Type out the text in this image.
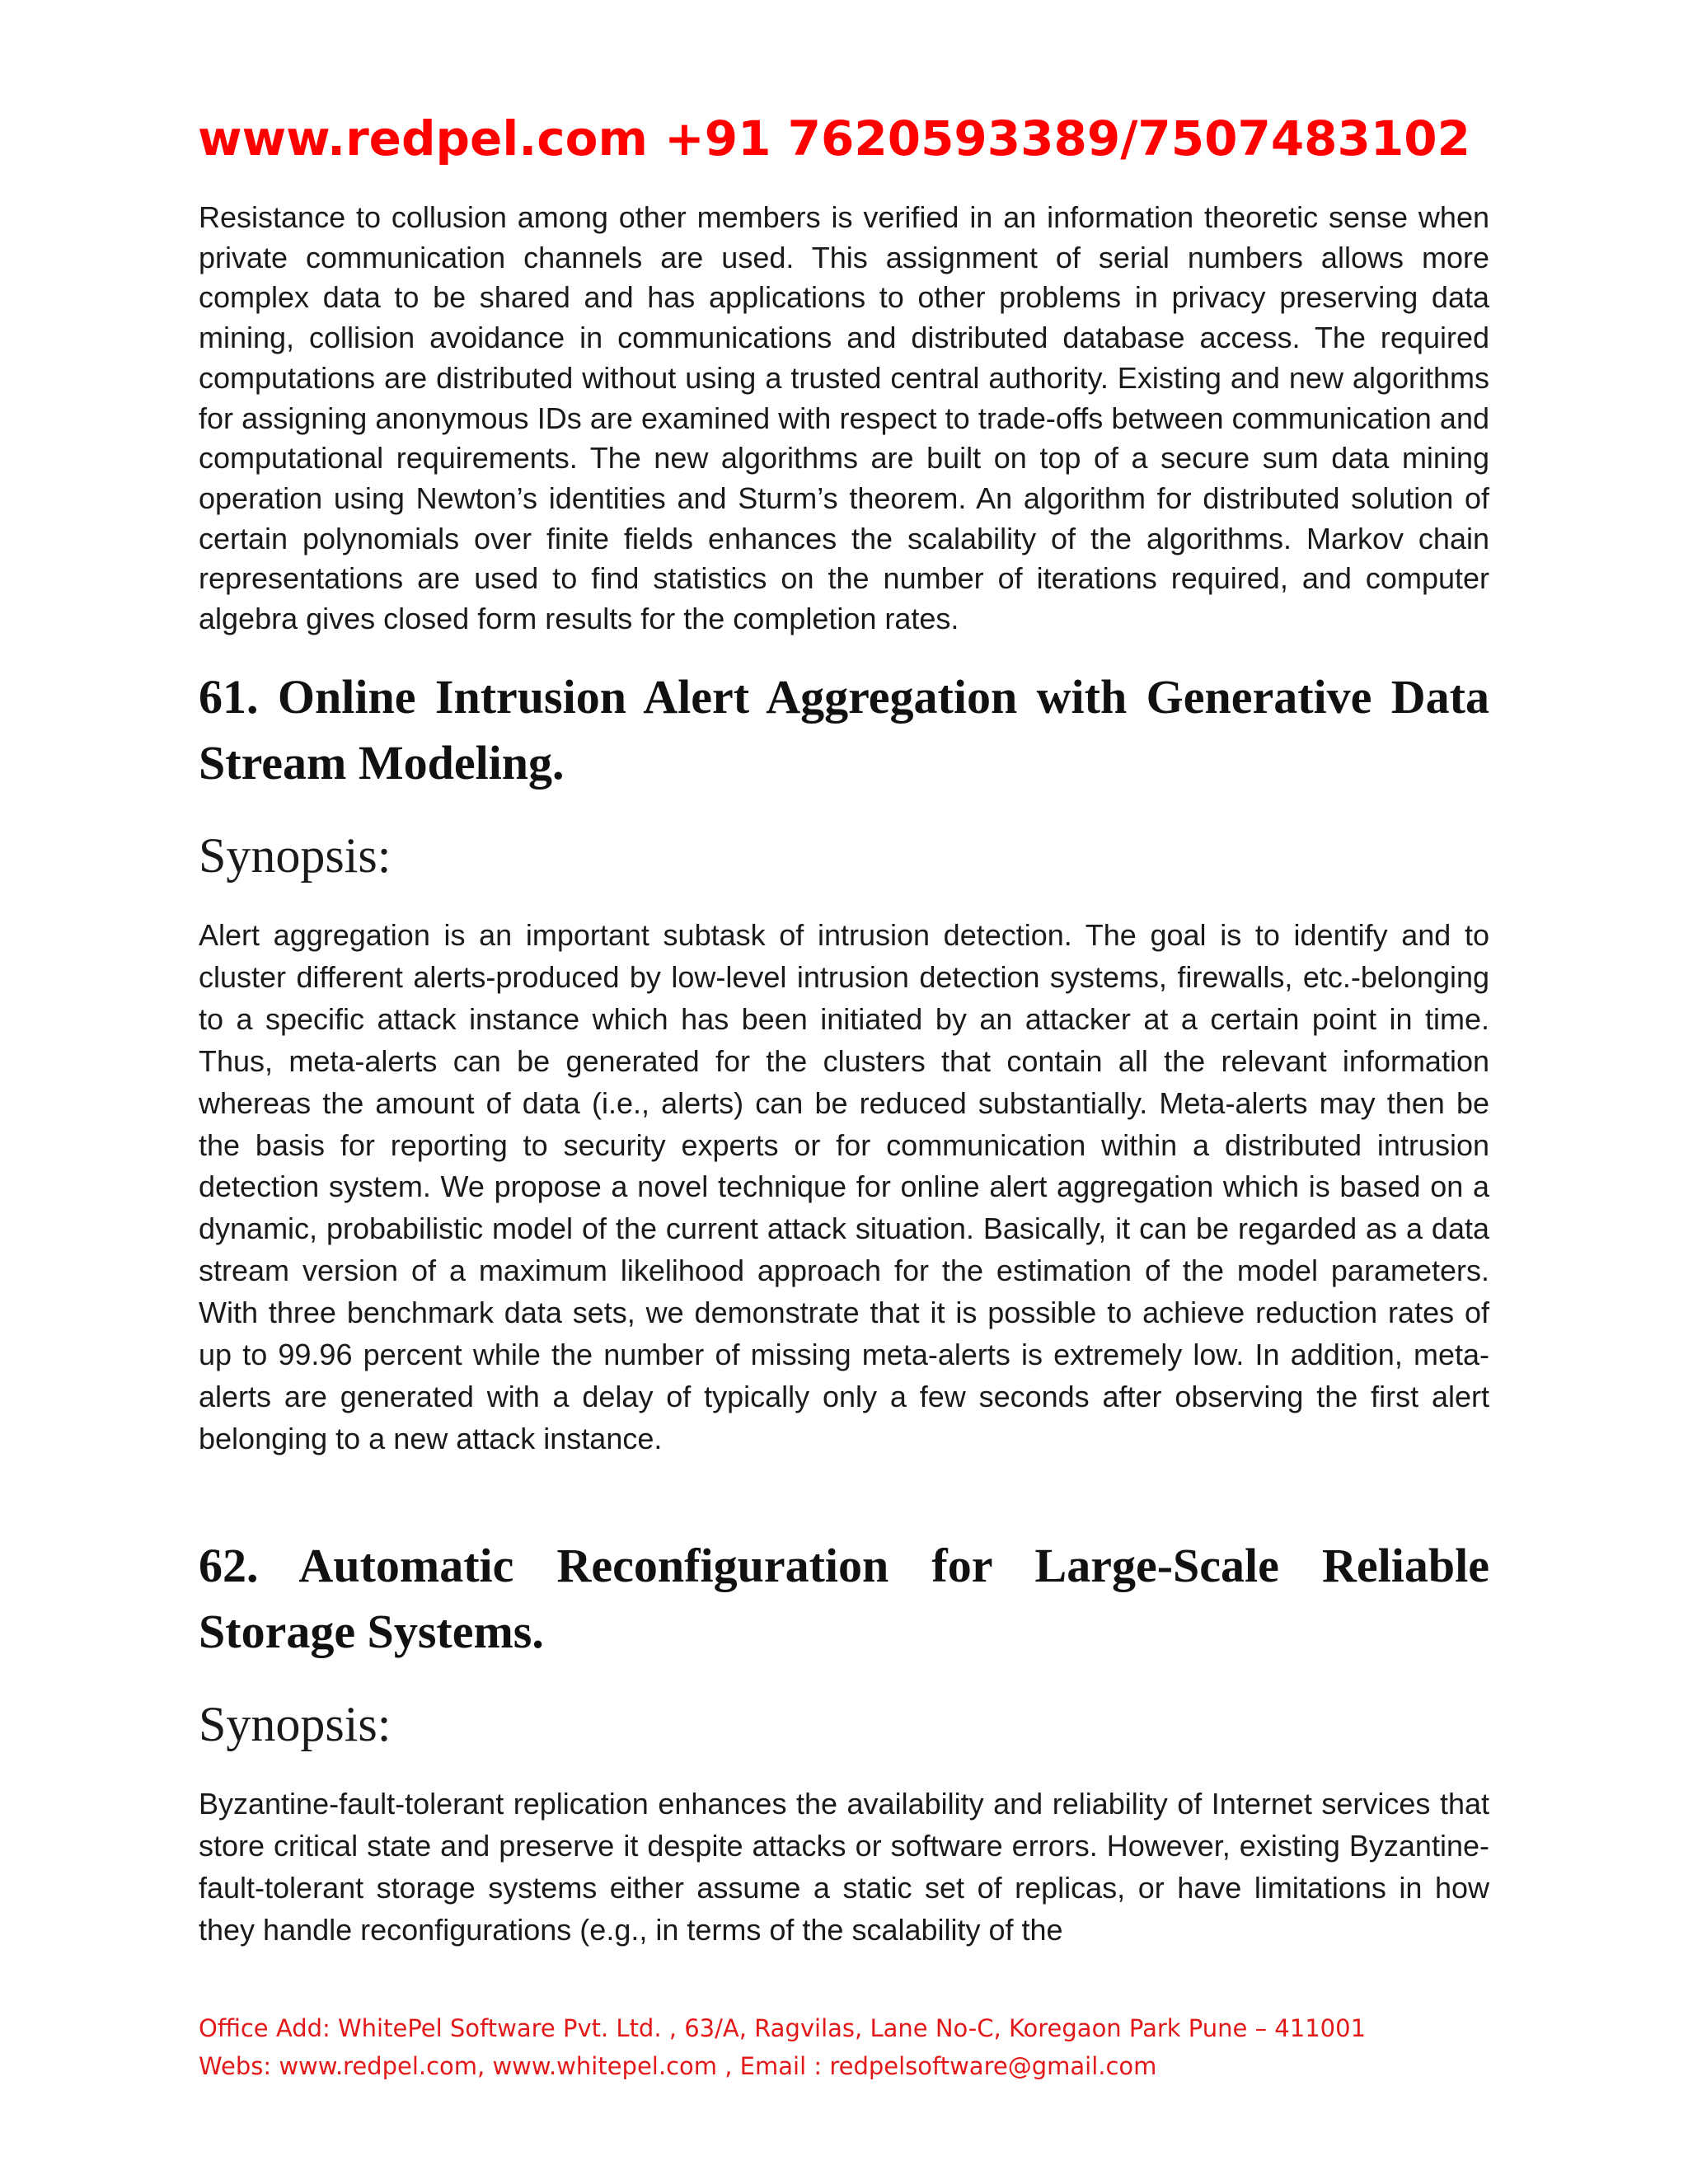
www.redpel.com +91 7620593389/7507483102

Resistance to collusion among other members is verified in an information theoretic sense when private communication channels are used. This assignment of serial numbers allows more complex data to be shared and has applications to other problems in privacy preserving data mining, collision avoidance in communications and distributed database access. The required computations are distributed without using a trusted central authority. Existing and new algorithms for assigning anonymous IDs are examined with respect to trade-offs between communication and computational requirements. The new algorithms are built on top of a secure sum data mining operation using Newton’s identities and Sturm’s theorem. An algorithm for distributed solution of certain polynomials over finite fields enhances the scalability of the algorithms. Markov chain representations are used to find statistics on the number of iterations required, and computer algebra gives closed form results for the completion rates.

61. Online Intrusion Alert Aggregation with Generative Data Stream Modeling.
Synopsis:

Alert aggregation is an important subtask of intrusion detection. The goal is to identify and to cluster different alerts-produced by low-level intrusion detection systems, firewalls, etc.-belonging to a specific attack instance which has been initiated by an attacker at a certain point in time. Thus, meta-alerts can be generated for the clusters that contain all the relevant information whereas the amount of data (i.e., alerts) can be reduced substantially. Meta-alerts may then be the basis for reporting to security experts or for communication within a distributed intrusion detection system. We propose a novel technique for online alert aggregation which is based on a dynamic, probabilistic model of the current attack situation. Basically, it can be regarded as a data stream version of a maximum likelihood approach for the estimation of the model parameters. With three benchmark data sets, we demonstrate that it is possible to achieve reduction rates of up to 99.96 percent while the number of missing meta-alerts is extremely low. In addition, meta-alerts are generated with a delay of typically only a few seconds after observing the first alert belonging to a new attack instance.

62. Automatic Reconfiguration for Large-Scale Reliable
Storage Systems.
Synopsis:

Byzantine-fault-tolerant replication enhances the availability and reliability of Internet services that store critical state and preserve it despite attacks or software errors. However, existing Byzantine-fault-tolerant storage systems either assume a static set of replicas, or have limitations in how they handle reconfigurations (e.g., in terms of the scalability of the

Office Add: WhitePel Software Pvt. Ltd. , 63/A, Ragvilas, Lane No-C, Koregaon Park Pune – 411001
Webs: www.redpel.com, www.whitepel.com , Email : redpelsoftware@gmail.com
